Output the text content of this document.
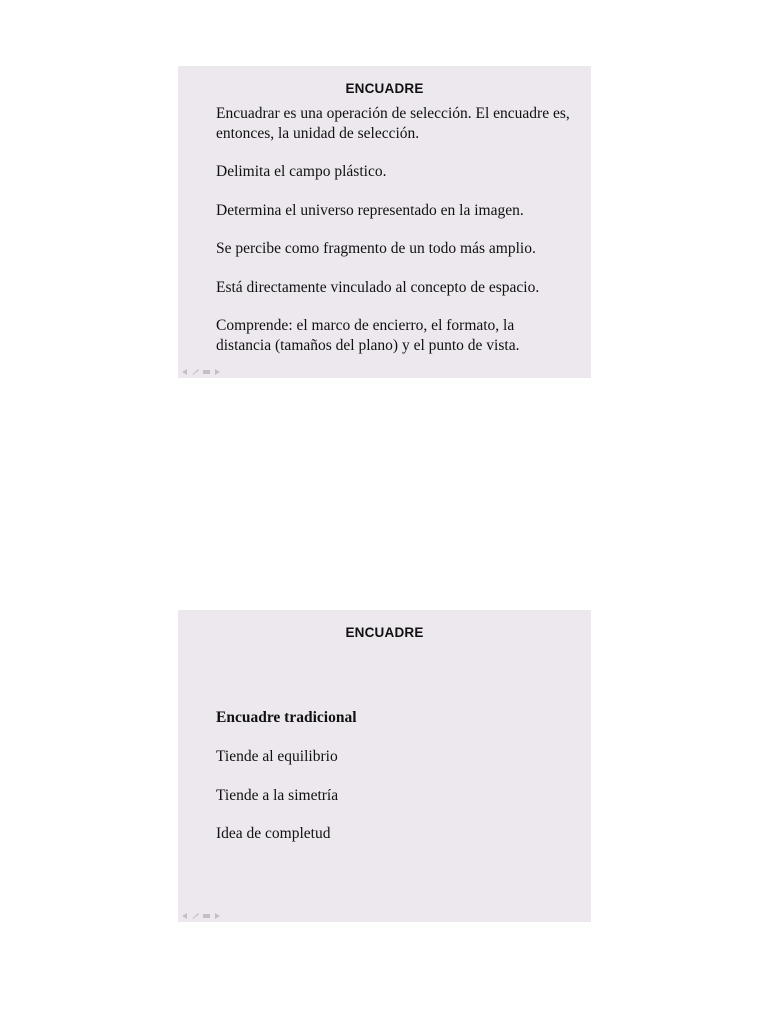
ENCUADRE

Encuadrar es una operación de selección. El encuadre es, entonces, la unidad de selección.

Delimita el campo plástico.

Determina el universo representado en la imagen.

Se percibe como fragmento de un todo más amplio.

Está directamente vinculado al concepto de espacio.

Comprende: el marco de encierro, el formato, la distancia (tamaños del plano) y el punto de vista.

ENCUADRE

Encuadre tradicional

Tiende al equilibrio

Tiende a la simetría

Idea de completud
